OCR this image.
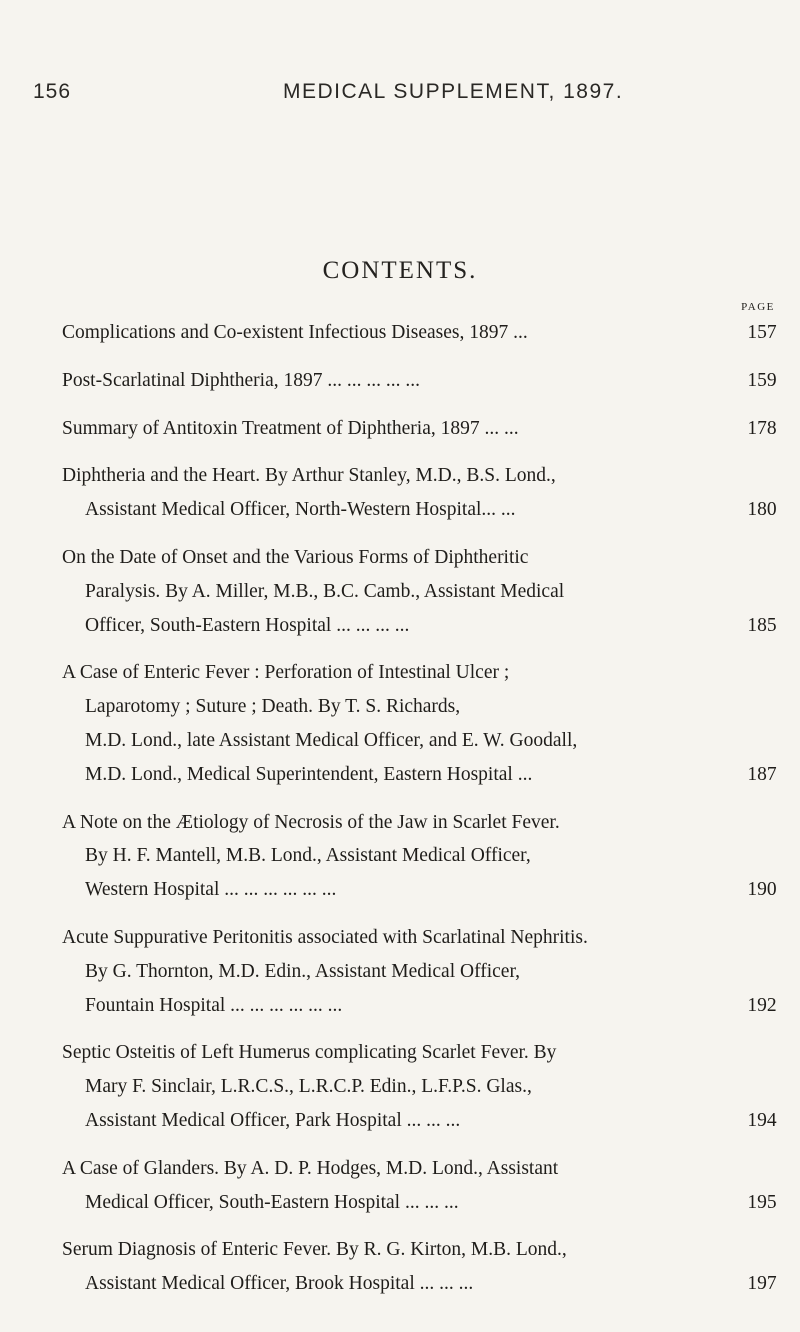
156	MEDICAL SUPPLEMENT, 1897.
CONTENTS.
PAGE
Complications and Co-existent Infectious Diseases, 1897 ...	157
Post-Scarlatinal Diphtheria, 1897 ... ... ... ... ...	159
Summary of Antitoxin Treatment of Diphtheria, 1897 ... ...	178
Diphtheria and the Heart. By Arthur Stanley, M.D., B.S. Lond.,
Assistant Medical Officer, North-Western Hospital... ...	180
On the Date of Onset and the Various Forms of Diphtheritic
Paralysis. By A. Miller, M.B., B.C. Camb., Assistant Medical
Officer, South-Eastern Hospital ... ... ... ...	185
A Case of Enteric Fever : Perforation of Intestinal Ulcer ;
Laparotomy ; Suture ; Death. By T. S. Richards,
M.D. Lond., late Assistant Medical Officer, and E. W. Goodall,
M.D. Lond., Medical Superintendent, Eastern Hospital ...	187
A Note on the Ætiology of Necrosis of the Jaw in Scarlet Fever.
By H. F. Mantell, M.B. Lond., Assistant Medical Officer,
Western Hospital ... ... ... ... ... ...	190
Acute Suppurative Peritonitis associated with Scarlatinal Nephritis.
By G. Thornton, M.D. Edin., Assistant Medical Officer,
Fountain Hospital ... ... ... ... ... ...	192
Septic Osteitis of Left Humerus complicating Scarlet Fever. By
Mary F. Sinclair, L.R.C.S., L.R.C.P. Edin., L.F.P.S. Glas.,
Assistant Medical Officer, Park Hospital ... ... ...	194
A Case of Glanders. By A. D. P. Hodges, M.D. Lond., Assistant
Medical Officer, South-Eastern Hospital ... ... ...	195
Serum Diagnosis of Enteric Fever. By R. G. Kirton, M.B. Lond.,
Assistant Medical Officer, Brook Hospital ... ... ...	197
